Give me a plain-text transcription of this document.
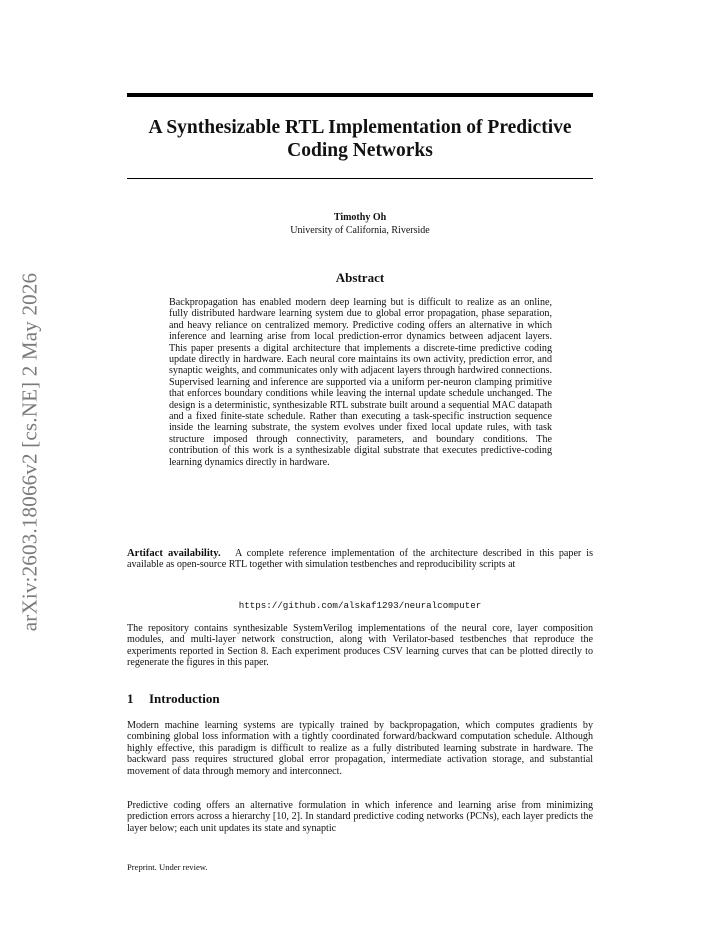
arXiv:2603.18066v2 [cs.NE] 2 May 2026
A Synthesizable RTL Implementation of Predictive Coding Networks
Timothy Oh
University of California, Riverside
Abstract
Backpropagation has enabled modern deep learning but is difficult to realize as an online, fully distributed hardware learning system due to global error propagation, phase separation, and heavy reliance on centralized memory. Predictive coding offers an alternative in which inference and learning arise from local prediction-error dynamics between adjacent layers. This paper presents a digital architecture that implements a discrete-time predictive coding update directly in hardware. Each neural core maintains its own activity, prediction error, and synaptic weights, and communicates only with adjacent layers through hardwired connections. Supervised learning and inference are supported via a uniform per-neuron clamping primitive that enforces boundary conditions while leaving the internal update schedule unchanged. The design is a deterministic, synthesizable RTL substrate built around a sequential MAC datapath and a fixed finite-state schedule. Rather than executing a task-specific instruction sequence inside the learning substrate, the system evolves under fixed local update rules, with task structure imposed through connectivity, parameters, and boundary conditions. The contribution of this work is a synthesizable digital substrate that executes predictive-coding learning dynamics directly in hardware.
Artifact availability. A complete reference implementation of the architecture described in this paper is available as open-source RTL together with simulation testbenches and reproducibility scripts at
https://github.com/alskaf1293/neuralcomputer
The repository contains synthesizable SystemVerilog implementations of the neural core, layer composition modules, and multi-layer network construction, along with Verilator-based testbenches that reproduce the experiments reported in Section 8. Each experiment produces CSV learning curves that can be plotted directly to regenerate the figures in this paper.
1 Introduction
Modern machine learning systems are typically trained by backpropagation, which computes gradients by combining global loss information with a tightly coordinated forward/backward computation schedule. Although highly effective, this paradigm is difficult to realize as a fully distributed learning substrate in hardware. The backward pass requires structured global error propagation, intermediate activation storage, and substantial movement of data through memory and interconnect.
Predictive coding offers an alternative formulation in which inference and learning arise from minimizing prediction errors across a hierarchy [10, 2]. In standard predictive coding networks (PCNs), each layer predicts the layer below; each unit updates its state and synaptic
Preprint. Under review.
